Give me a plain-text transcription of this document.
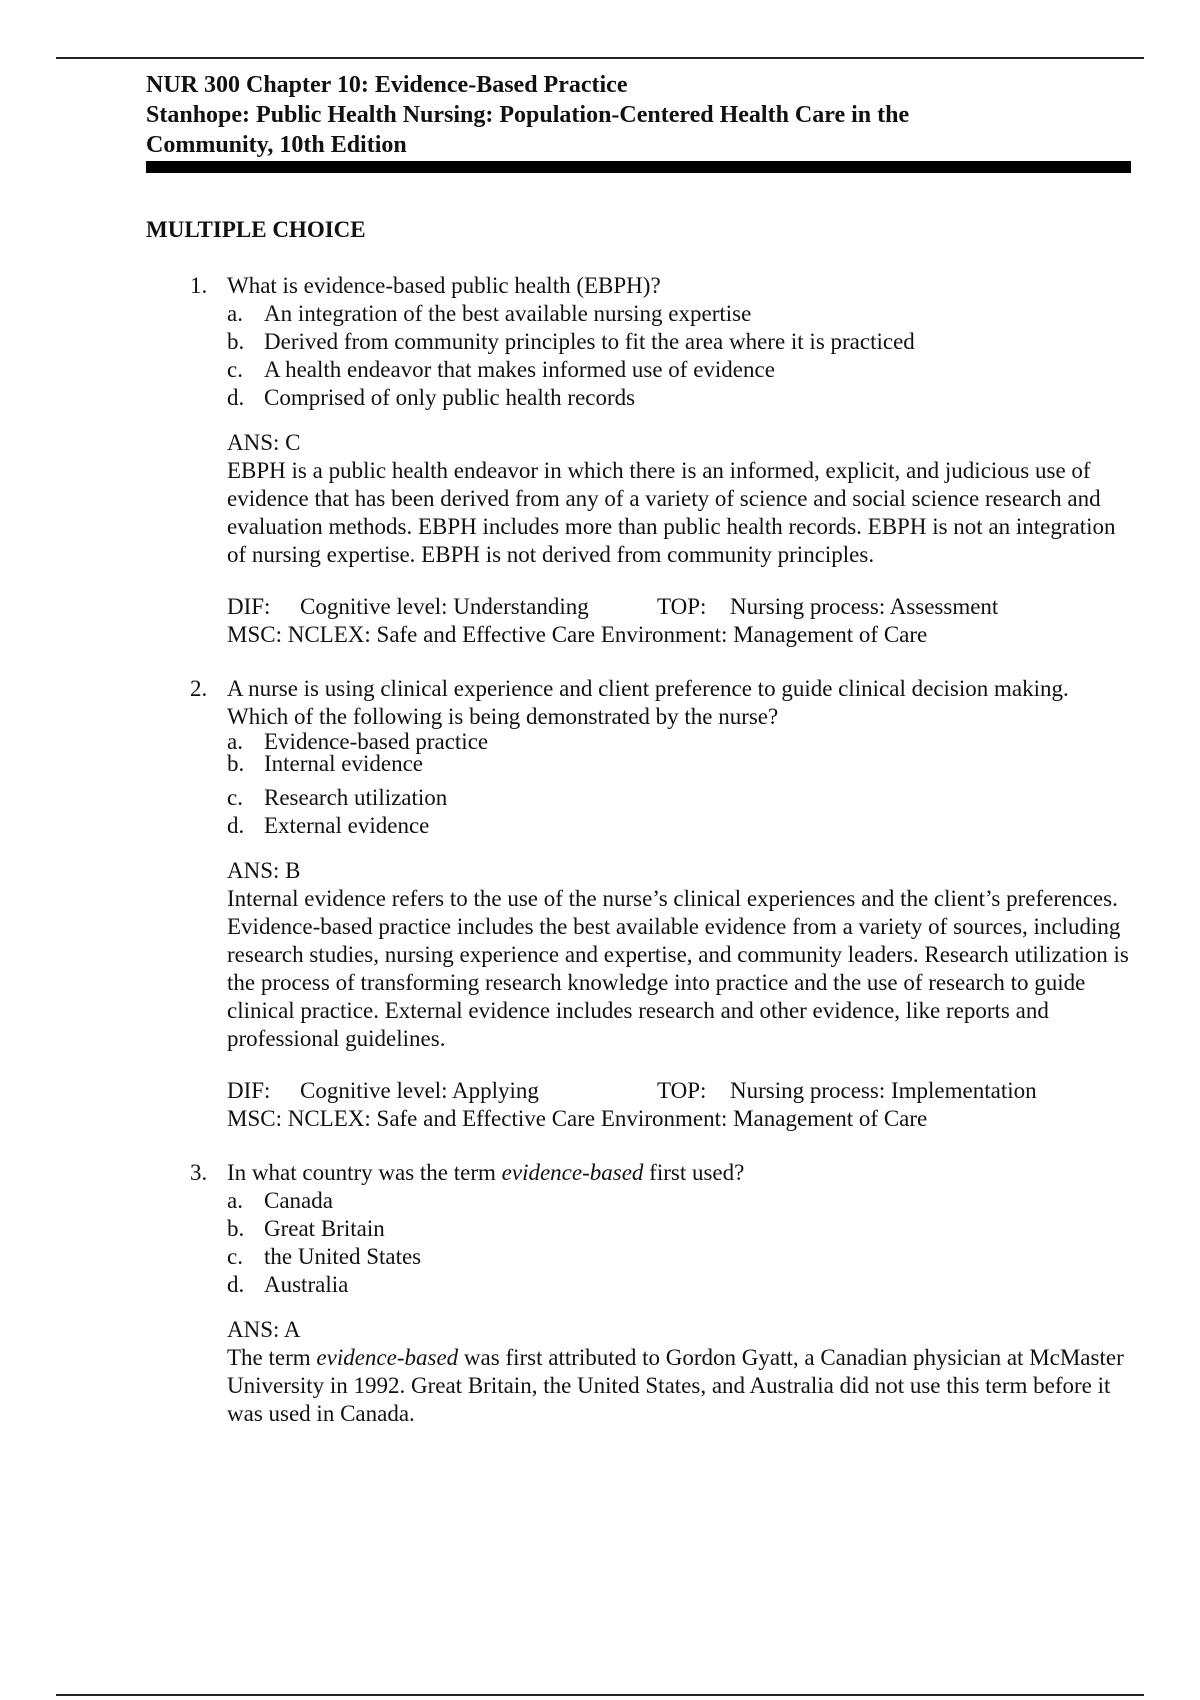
NUR 300 Chapter 10: Evidence-Based Practice
Stanhope: Public Health Nursing: Population-Centered Health Care in the
Community, 10th Edition
MULTIPLE CHOICE
1. What is evidence-based public health (EBPH)?
a. An integration of the best available nursing expertise
b. Derived from community principles to fit the area where it is practiced
c. A health endeavor that makes informed use of evidence
d. Comprised of only public health records
ANS: C
EBPH is a public health endeavor in which there is an informed, explicit, and judicious use of evidence that has been derived from any of a variety of science and social science research and evaluation methods. EBPH includes more than public health records. EBPH is not an integration of nursing expertise. EBPH is not derived from community principles.
DIF: Cognitive level: Understanding	TOP: Nursing process: Assessment
MSC: NCLEX: Safe and Effective Care Environment: Management of Care
2. A nurse is using clinical experience and client preference to guide clinical decision making. Which of the following is being demonstrated by the nurse?
a. Evidence-based practice
b. Internal evidence
c. Research utilization
d. External evidence
ANS: B
Internal evidence refers to the use of the nurse’s clinical experiences and the client’s preferences. Evidence-based practice includes the best available evidence from a variety of sources, including research studies, nursing experience and expertise, and community leaders. Research utilization is the process of transforming research knowledge into practice and the use of research to guide clinical practice. External evidence includes research and other evidence, like reports and professional guidelines.
DIF: Cognitive level: Applying	TOP: Nursing process: Implementation
MSC: NCLEX: Safe and Effective Care Environment: Management of Care
3. In what country was the term evidence-based first used?
a. Canada
b. Great Britain
c. the United States
d. Australia
ANS: A
The term evidence-based was first attributed to Gordon Gyatt, a Canadian physician at McMaster University in 1992. Great Britain, the United States, and Australia did not use this term before it was used in Canada.
